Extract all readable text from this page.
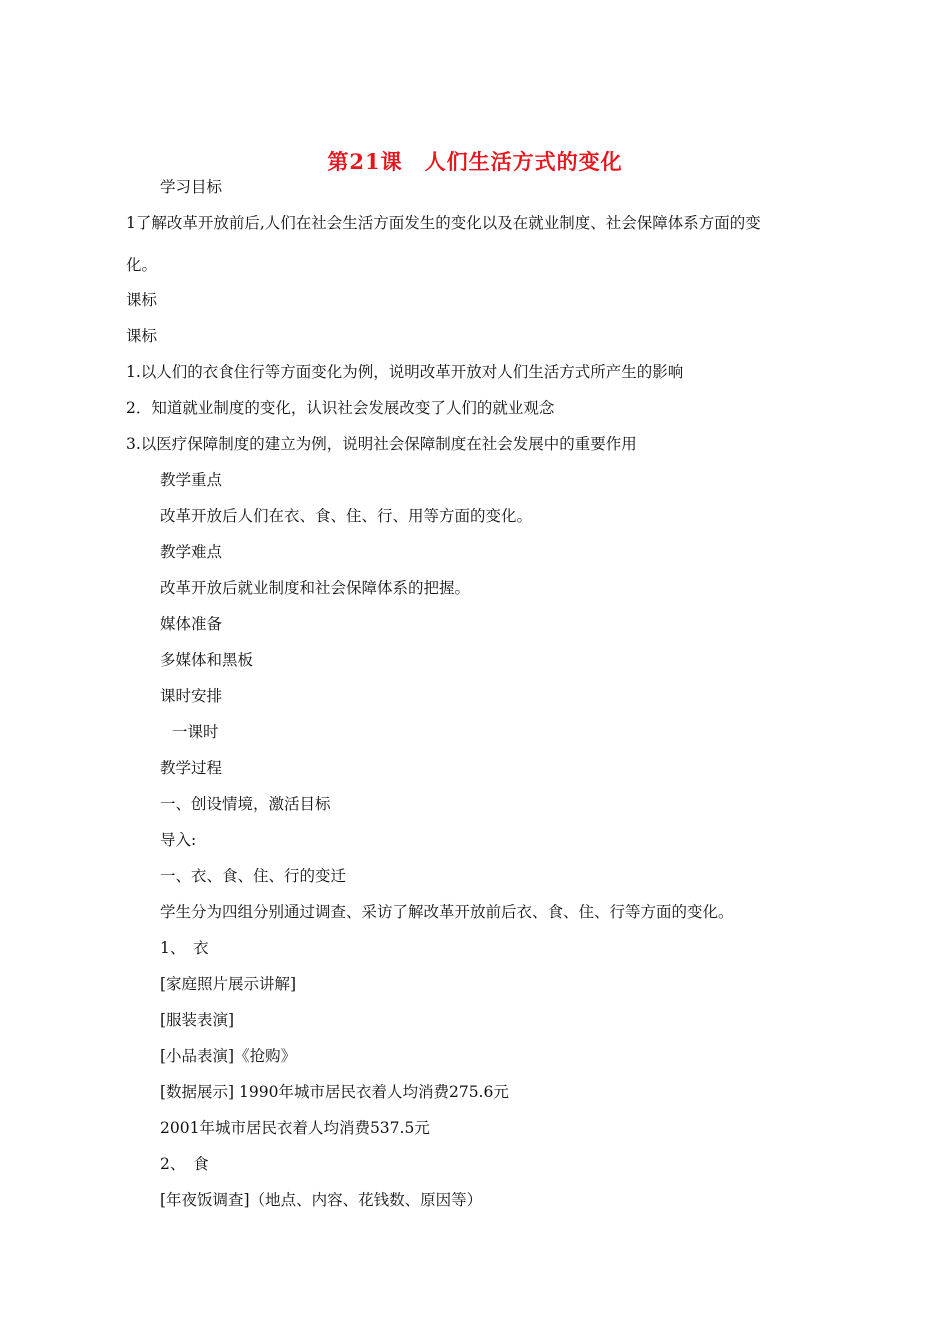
第21课　人们生活方式的变化
学习目标
1了解改革开放前后,人们在社会生活方面发生的变化以及在就业制度、社会保障体系方面的变
化。
课标
课标
1.以人们的衣食住行等方面变化为例，说明改革开放对人们生活方式所产生的影响
2．知道就业制度的变化，认识社会发展改变了人们的就业观念
3.以医疗保障制度的建立为例，说明社会保障制度在社会发展中的重要作用
教学重点
改革开放后人们在衣、食、住、行、用等方面的变化。
教学难点
改革开放后就业制度和社会保障体系的把握。
媒体准备
多媒体和黑板
课时安排
一课时
教学过程
一、创设情境，激活目标
导入:
一、衣、食、住、行的变迁
学生分为四组分别通过调查、采访了解改革开放前后衣、食、住、行等方面的变化。
1、　衣
[家庭照片展示讲解]
[服装表演]
[小品表演]《抢购》
[数据展示] 1990年城市居民衣着人均消费275.6元
2001年城市居民衣着人均消费537.5元
2、　食
[年夜饭调查]（地点、内容、花钱数、原因等）
